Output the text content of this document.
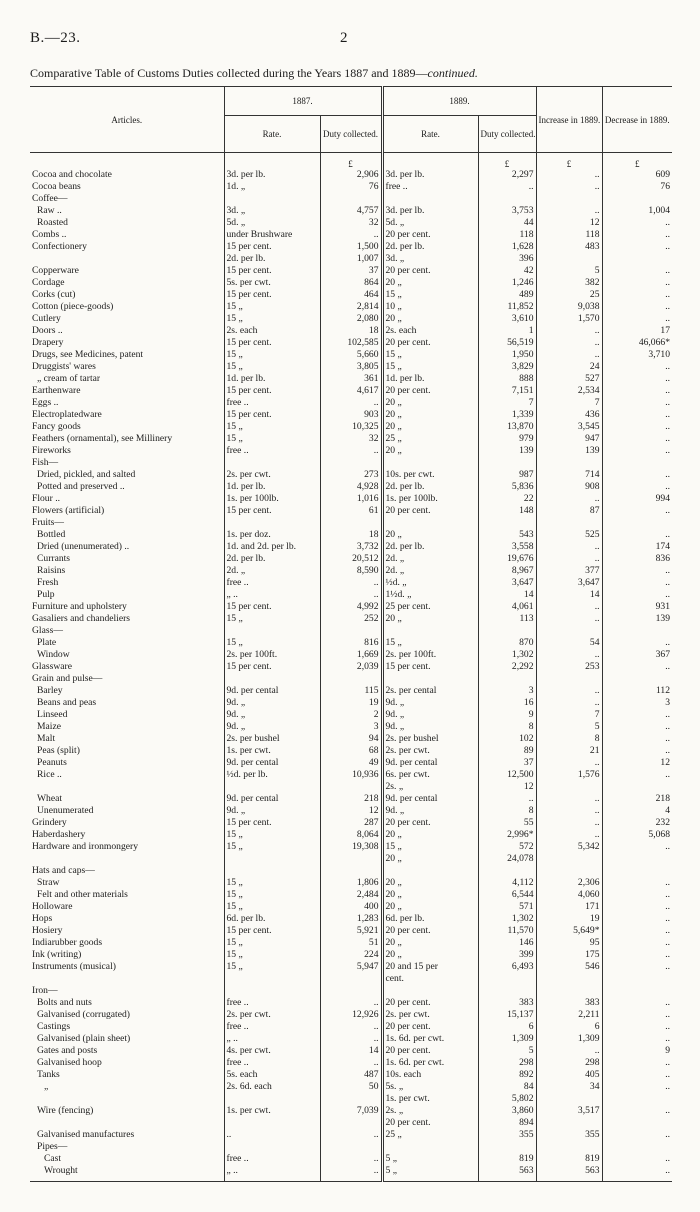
B.—23.	2
Comparative Table of Customs Duties collected during the Years 1887 and 1889—continued.
Articles.	1887.		1889.		Increase in 1889.	Decrease in 1889.
	Rate.	Duty collected.	Rate.	Duty collected.		

		£		£	£	£
Cocoa and chocolate	3d. per lb.	2,906	3d. per lb.	2,297	..	609
Cocoa beans	1d. „	76	free ..	..	..	76
Coffee—						
Raw ..	3d. „	4,757	3d. per lb.	3,753	..	1,004
Roasted	5d. „	32	5d. „	44	12	..
Combs ..	under Brushware	..	20 per cent.	118	118	..
Confectionery	15 per cent.	1,500	2d. per lb.	1,628	483	..
	2d. per lb.	1,007	3d. „	396		
Copperware	15 per cent.	37	20 per cent.	42	5	..
Cordage	5s. per cwt.	864	20 „	1,246	382	..
Corks (cut)	15 per cent.	464	15 „	489	25	..
Cotton (piece-goods)	15 „	2,814	10 „	11,852	9,038	..
Cutlery	15 „	2,080	20 „	3,610	1,570	..
Doors ..	2s. each	18	2s. each	1	..	17
Drapery	15 per cent.	102,585	20 per cent.	56,519	..	46,066*
Drugs, see Medicines, patent	15 „	5,660	15 „	1,950	..	3,710
Druggists' wares	15 „	3,805	15 „	3,829	24	..
„ cream of tartar	1d. per lb.	361	1d. per lb.	888	527	..
Earthenware	15 per cent.	4,617	20 per cent.	7,151	2,534	..
Eggs ..	free ..	..	20 „	7	7	..
Electroplatedware	15 per cent.	903	20 „	1,339	436	..
Fancy goods	15 „	10,325	20 „	13,870	3,545	..
Feathers (ornamental), see Millinery	15 „	32	25 „	979	947	..
Fireworks	free ..	..	20 „	139	139	..
Fish—						
Dried, pickled, and salted	2s. per cwt.	273	10s. per cwt.	987	714	..
Potted and preserved ..	1d. per lb.	4,928	2d. per lb.	5,836	908	..
Flour ..	1s. per 100lb.	1,016	1s. per 100lb.	22	..	994
Flowers (artificial)	15 per cent.	61	20 per cent.	148	87	..
Fruits—						
Bottled	1s. per doz.	18	20 „	543	525	..
Dried (unenumerated) ..	1d. and 2d. per lb.	3,732	2d. per lb.	3,558	..	174
Currants	2d. per lb.	20,512	2d. „	19,676	..	836
Raisins	2d. „	8,590	2d. „	8,967	377	..
Fresh	free ..	..	½d. „	3,647	3,647	..
Pulp	„ ..	..	1½d. „	14	14	..
Furniture and upholstery	15 per cent.	4,992	25 per cent.	4,061	..	931
Gasaliers and chandeliers	15 „	252	20 „	113	..	139
Glass—						
Plate	15 „	816	15 „	870	54	..
Window	2s. per 100ft.	1,669	2s. per 100ft.	1,302	..	367
Glassware	15 per cent.	2,039	15 per cent.	2,292	253	..
Grain and pulse—						
Barley	9d. per cental	115	2s. per cental	3	..	112
Beans and peas	9d. „	19	9d. „	16	..	3
Linseed	9d. „	2	9d. „	9	7	..
Maize	9d. „	3	9d. „	8	5	..
Malt	2s. per bushel	94	2s. per bushel	102	8	..
Peas (split)	1s. per cwt.	68	2s. per cwt.	89	21	..
Peanuts	9d. per cental	49	9d. per cental	37	..	12
Rice ..	½d. per lb.	10,936	6s. per cwt.	12,500	1,576	..
			2s. „	12		
Wheat	9d. per cental	218	9d. per cental	..	..	218
Unenumerated	9d. „	12	9d. „	8	..	4
Grindery	15 per cent.	287	20 per cent.	55	..	232
Haberdashery	15 „	8,064	20 „	2,996*	..	5,068
Hardware and ironmongery	15 „	19,308	15 „	572	5,342	..
			20 „	24,078		
Hats and caps—						
Straw	15 „	1,806	20 „	4,112	2,306	..
Felt and other materials	15 „	2,484	20 „	6,544	4,060	..
Holloware	15 „	400	20 „	571	171	..
Hops	6d. per lb.	1,283	6d. per lb.	1,302	19	..
Hosiery	15 per cent.	5,921	20 per cent.	11,570	5,649*	..
Indiarubber goods	15 „	51	20 „	146	95	..
Ink (writing)	15 „	224	20 „	399	175	..
Instruments (musical)	15 „	5,947	20 and 15 per	6,493	546	..
			cent.			
Iron—						
Bolts and nuts	free ..	..	20 per cent.	383	383	..
Galvanised (corrugated)	2s. per cwt.	12,926	2s. per cwt.	15,137	2,211	..
Castings	free ..	..	20 per cent.	6	6	..
Galvanised (plain sheet)	„ ..	..	1s. 6d. per cwt.	1,309	1,309	..
Gates and posts	4s. per cwt.	14	20 per cent.	5	..	9
Galvanised hoop	free ..	..	1s. 6d. per cwt.	298	298	..
Tanks	5s. each	487	10s. each	892	405	..
„	2s. 6d. each	50	5s. „	84	34	..
			1s. per cwt.	5,802		
Wire (fencing)	1s. per cwt.	7,039	2s. „	3,860	3,517	..
			20 per cent.	894		
Galvanised manufactures	..	..	25 „	355	355	..
Pipes—						
Cast	free ..	..	5 „	819	819	..
Wrought	„ ..	..	5 „	563	563	..
